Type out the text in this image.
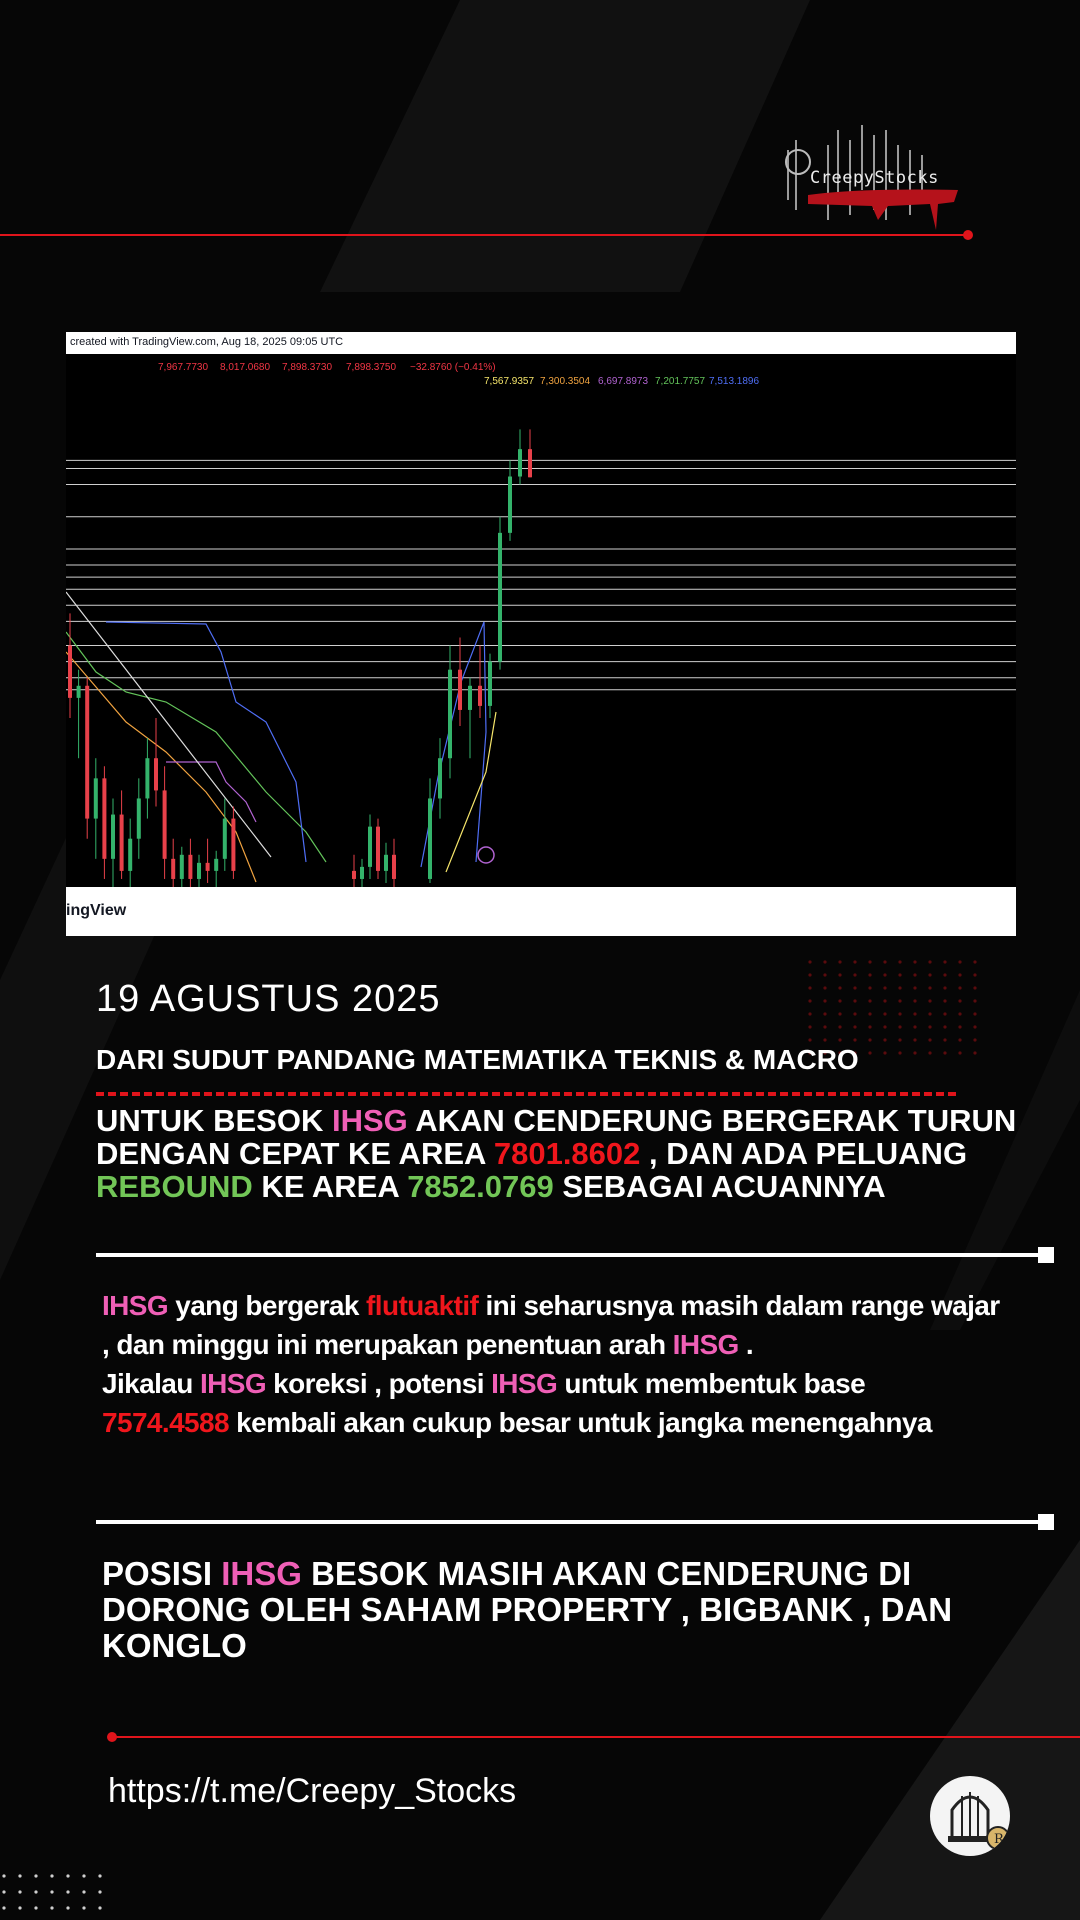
CreepyStocks
created with TradingView.com, Aug 18, 2025 09:05 UTC
7,967.7730 8,017.0680 7,898.3730 7,898.3750 −32.8760 (−0.41%)
7,567.9357 7,300.3504 6,697.8973 7,201.7757 7,513.1896
ingView
19 AGUSTUS 2025
DARI SUDUT PANDANG MATEMATIKA TEKNIS & MACRO
UNTUK BESOK IHSG AKAN CENDERUNG BERGERAK TURUN DENGAN CEPAT KE AREA 7801.8602 , DAN ADA PELUANG REBOUND KE AREA 7852.0769 SEBAGAI ACUANNYA
IHSG yang bergerak flutuaktif ini seharusnya masih dalam range wajar , dan minggu ini merupakan penentuan arah IHSG .
Jikalau IHSG koreksi , potensi IHSG untuk membentuk base
7574.4588 kembali akan cukup besar untuk jangka menengahnya
POSISI IHSG BESOK MASIH AKAN CENDERUNG DI DORONG OLEH SAHAM PROPERTY , BIGBANK , DAN KONGLO
https://t.me/Creepy_Stocks
R
